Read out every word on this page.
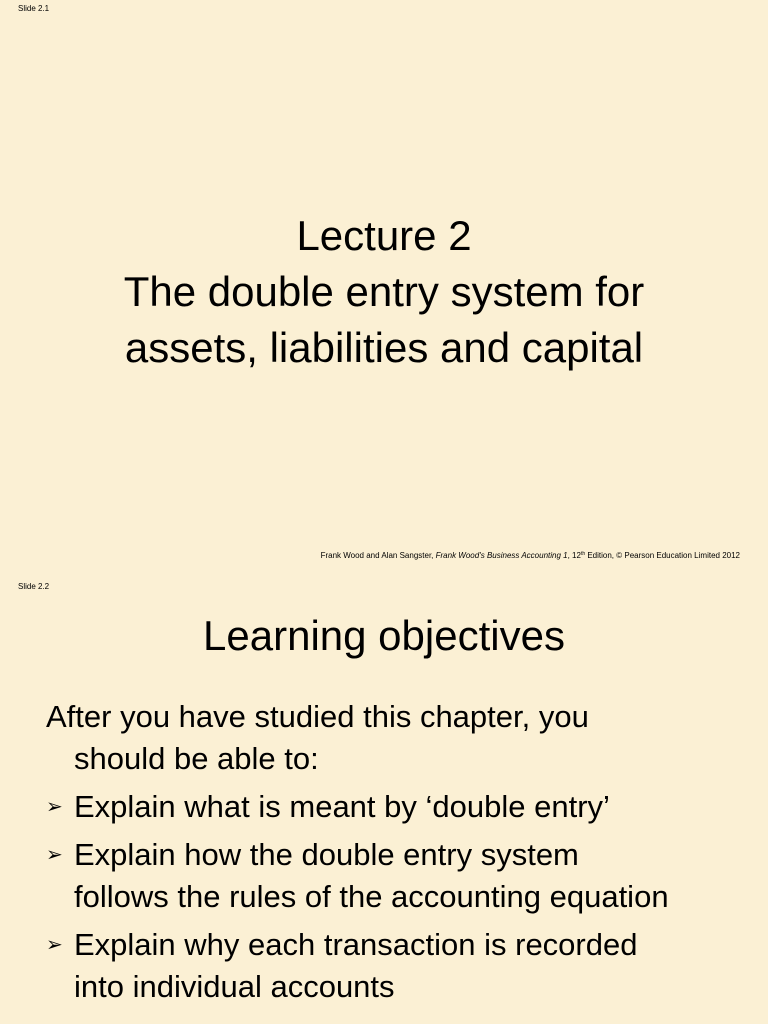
Slide 2.1
Lecture 2
The double entry system for
assets, liabilities and capital
Frank Wood and Alan Sangster, Frank Wood's Business Accounting 1, 12th Edition, © Pearson Education Limited 2012
Slide 2.2
Learning objectives
After you have studied this chapter, you
should be able to:
➢ Explain what is meant by ‘double entry’
➢ Explain how the double entry system
follows the rules of the accounting equation
➢ Explain why each transaction is recorded
into individual accounts
